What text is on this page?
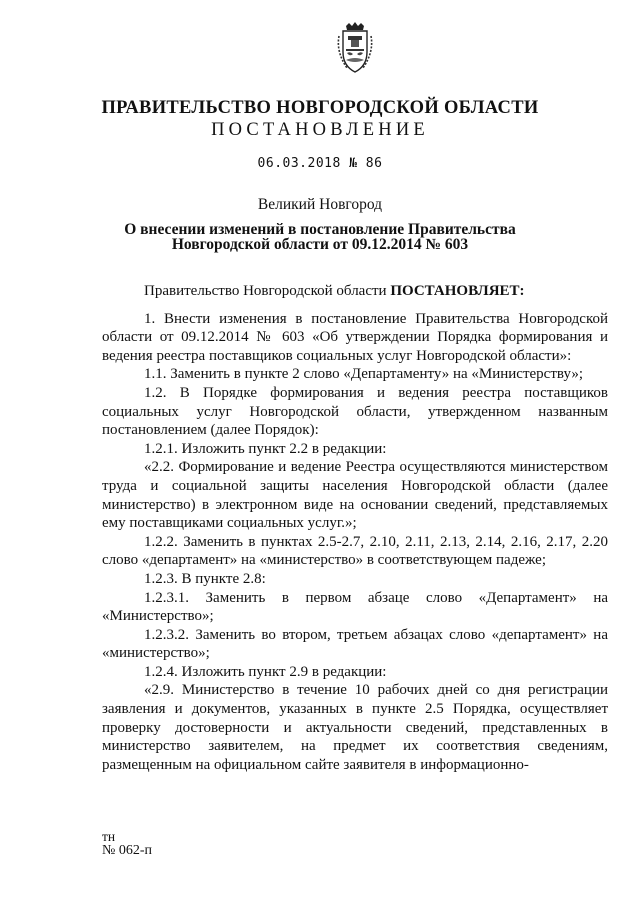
ПРАВИТЕЛЬСТВО НОВГОРОДСКОЙ ОБЛАСТИ
ПОСТАНОВЛЕНИЕ
06.03.2018 № 86
Великий Новгород
О внесении изменений в постановление Правительства
Новгородской области от 09.12.2014 № 603

Правительство Новгородской области ПОСТАНОВЛЯЕТ:

1. Внести изменения в постановление Правительства Новгородской области от 09.12.2014 № 603 «Об утверждении Порядка формирования и ведения реестра поставщиков социальных услуг Новгородской области»:

1.1. Заменить в пункте 2 слово «Департаменту» на «Министерству»;

1.2. В Порядке формирования и ведения реестра поставщиков социальных услуг Новгородской области, утвержденном названным постановлением (далее Порядок):

1.2.1. Изложить пункт 2.2 в редакции:

«2.2. Формирование и ведение Реестра осуществляются министерством труда и социальной защиты населения Новгородской области (далее министерство) в электронном виде на основании сведений, представляемых ему поставщиками социальных услуг.»;

1.2.2. Заменить в пунктах 2.5-2.7, 2.10, 2.11, 2.13, 2.14, 2.16, 2.17, 2.20 слово «департамент» на «министерство» в соответствующем падеже;

1.2.3. В пункте 2.8:

1.2.3.1. Заменить в первом абзаце слово «Департамент» на «Министерство»;

1.2.3.2. Заменить во втором, третьем абзацах слово «департамент» на «министерство»;

1.2.4. Изложить пункт 2.9 в редакции:

«2.9. Министерство в течение 10 рабочих дней со дня регистрации заявления и документов, указанных в пункте 2.5 Порядка, осуществляет проверку достоверности и актуальности сведений, представленных в министерство заявителем, на предмет их соответствия сведениям, размещенным на официальном сайте заявителя в информационно-

тн
№ 062-п
